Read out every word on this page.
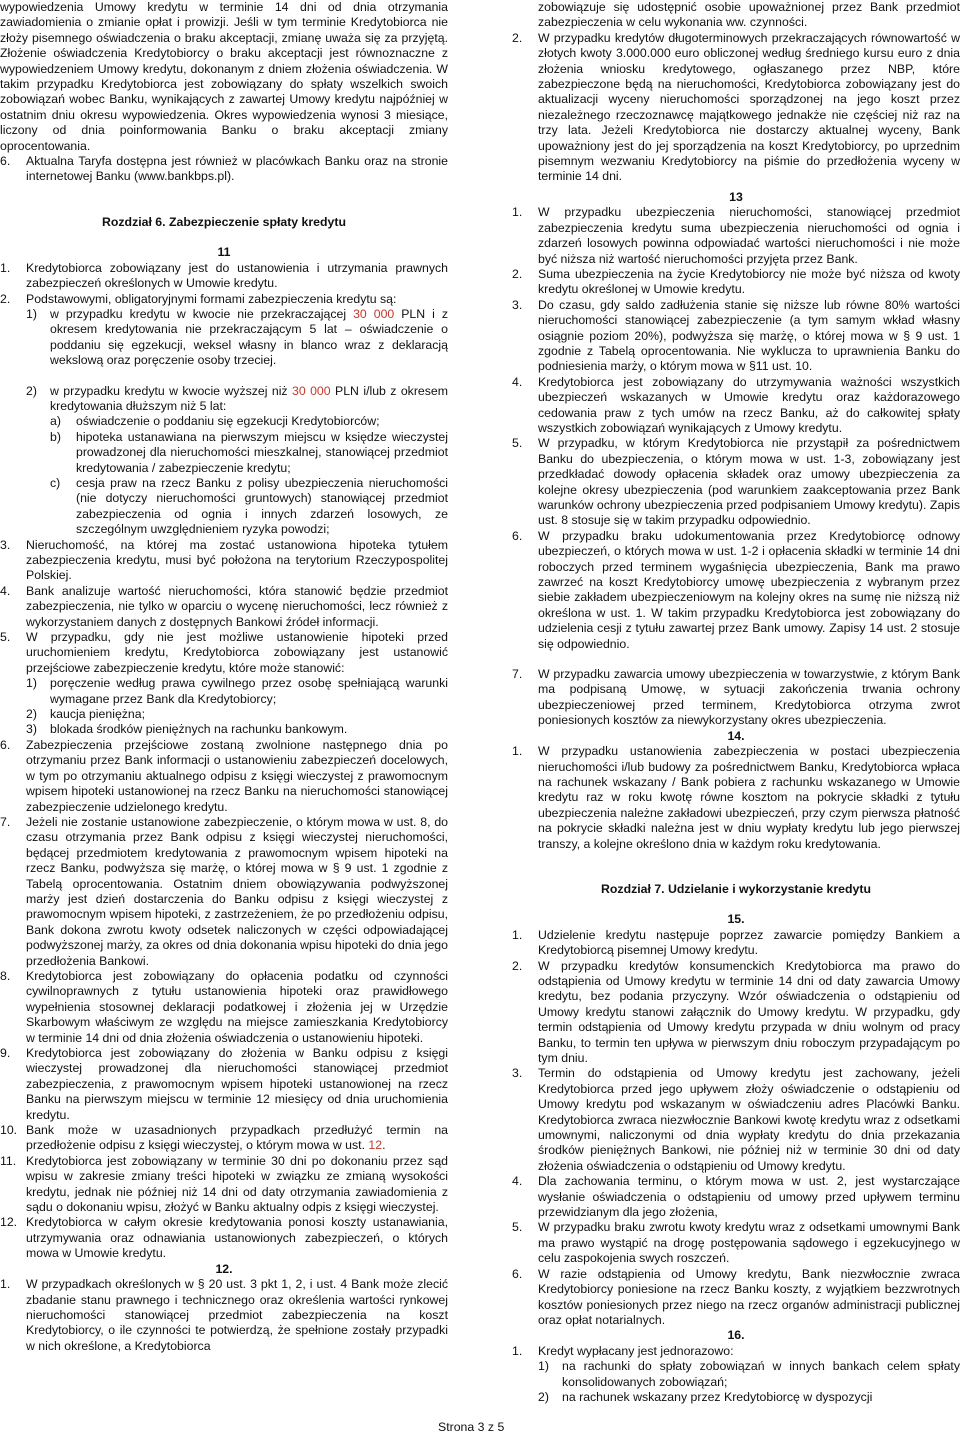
wypowiedzenia Umowy kredytu w terminie 14 dni od dnia otrzymania zawiadomienia o zmianie opłat i prowizji. Jeśli w tym terminie Kredytobiorca nie złoży pisemnego oświadczenia o braku akceptacji, zmianę uważa się za przyjętą. Złożenie oświadczenia Kredytobiorcy o braku akceptacji jest równoznaczne z wypowiedzeniem Umowy kredytu, dokonanym z dniem złożenia oświadczenia. W takim przypadku Kredytobiorca jest zobowiązany do spłaty wszelkich swoich zobowiązań wobec Banku, wynikających z zawartej Umowy kredytu najpóźniej w ostatnim dniu okresu wypowiedzenia. Okres wypowiedzenia wynosi 3 miesiące, liczony od dnia poinformowania Banku o braku akceptacji zmiany oprocentowania.

6.	Aktualna Taryfa dostępna jest również w placówkach Banku oraz na stronie internetowej Banku (www.bankbps.pl).

Rozdział 6. Zabezpieczenie spłaty kredytu

11

1.	Kredytobiorca zobowiązany jest do ustanowienia i utrzymania prawnych zabezpieczeń określonych w Umowie kredytu.
2.	Podstawowymi, obligatoryjnymi formami zabezpieczenia kredytu są:
1)	w przypadku kredytu w kwocie nie przekraczającej 30 000 PLN i z okresem kredytowania nie przekraczającym 5 lat – oświadczenie o poddaniu się egzekucji, weksel własny in blanco wraz z deklaracją wekslową oraz poręczenie osoby trzeciej.
2)	w przypadku kredytu w kwocie wyższej niż 30 000 PLN i/lub z okresem kredytowania dłuższym niż 5 lat:
a)	oświadczenie o poddaniu się egzekucji Kredytobiorców;
b)	hipoteka ustanawiana na pierwszym miejscu w księdze wieczystej prowadzonej dla nieruchomości mieszkalnej, stanowiącej przedmiot kredytowania / zabezpieczenie kredytu;
c)	cesja praw na rzecz Banku z polisy ubezpieczenia nieruchomości (nie dotyczy nieruchomości gruntowych) stanowiącej przedmiot zabezpieczenia od ognia i innych zdarzeń losowych, ze szczególnym uwzględnieniem ryzyka powodzi;
3.	Nieruchomość, na której ma zostać ustanowiona hipoteka tytułem zabezpieczenia kredytu, musi być położona na terytorium Rzeczypospolitej Polskiej.
4.	Bank analizuje wartość nieruchomości, która stanowić będzie przedmiot zabezpieczenia, nie tylko w oparciu o wycenę nieruchomości, lecz również z wykorzystaniem danych z dostępnych Bankowi źródeł informacji.
5.	W przypadku, gdy nie jest możliwe ustanowienie hipoteki przed uruchomieniem kredytu, Kredytobiorca zobowiązany jest ustanowić przejściowe zabezpieczenie kredytu, które może stanowić:
1)	poręczenie według prawa cywilnego przez osobę spełniającą warunki wymagane przez Bank dla Kredytobiorcy;
2)	kaucja pieniężna;
3)	blokada środków pieniężnych na rachunku bankowym.
6.	Zabezpieczenia przejściowe zostaną zwolnione następnego dnia po otrzymaniu przez Bank informacji o ustanowieniu zabezpieczeń docelowych, w tym po otrzymaniu aktualnego odpisu z księgi wieczystej z prawomocnym wpisem hipoteki ustanowionej na rzecz Banku na nieruchomości stanowiącej zabezpieczenie udzielonego kredytu.
7.	Jeżeli nie zostanie ustanowione zabezpieczenie, o którym mowa w ust. 8, do czasu otrzymania przez Bank odpisu z księgi wieczystej nieruchomości, będącej przedmiotem kredytowania z prawomocnym wpisem hipoteki na rzecz Banku, podwyższa się marżę, o której mowa w § 9 ust. 1 zgodnie z Tabelą oprocentowania. Ostatnim dniem obowiązywania podwyższonej marży jest dzień dostarczenia do Banku odpisu z księgi wieczystej z prawomocnym wpisem hipoteki, z zastrzeżeniem, że po przedłożeniu odpisu, Bank dokona zwrotu kwoty odsetek naliczonych w części odpowiadającej podwyższonej marży, za okres od dnia dokonania wpisu hipoteki do dnia jego przedłożenia Bankowi.
8.	Kredytobiorca jest zobowiązany do opłacenia podatku od czynności cywilnoprawnych z tytułu ustanowienia hipoteki oraz prawidłowego wypełnienia stosownej deklaracji podatkowej i złożenia jej w Urzędzie Skarbowym właściwym ze względu na miejsce zamieszkania Kredytobiorcy w terminie 14 dni od dnia złożenia oświadczenia o ustanowieniu hipoteki.
9.	Kredytobiorca jest zobowiązany do złożenia w Banku odpisu z księgi wieczystej prowadzonej dla nieruchomości stanowiącej przedmiot zabezpieczenia, z prawomocnym wpisem hipoteki ustanowionej na rzecz Banku na pierwszym miejscu w terminie 12 miesięcy od dnia uruchomienia kredytu.
10. Bank może w uzasadnionych przypadkach przedłużyć termin na przedłożenie odpisu z księgi wieczystej, o którym mowa w ust. 12.
11. Kredytobiorca jest zobowiązany w terminie 30 dni po dokonaniu przez sąd wpisu w zakresie zmiany treści hipoteki w związku ze zmianą wysokości kredytu, jednak nie później niż 14 dni od daty otrzymania zawiadomienia z sądu o dokonaniu wpisu, złożyć w Banku aktualny odpis z księgi wieczystej.
12. Kredytobiorca w całym okresie kredytowania ponosi koszty ustanawiania, utrzymywania oraz odnawiania ustanowionych zabezpieczeń, o których mowa w Umowie kredytu.

12.

1.	W przypadkach określonych w § 20 ust. 3 pkt 1, 2, i ust. 4 Bank może zlecić zbadanie stanu prawnego i technicznego oraz określenia wartości rynkowej nieruchomości stanowiącej przedmiot zabezpieczenia na koszt Kredytobiorcy, o ile czynności te potwierdzą, że spełnione zostały przypadki w nich określone, a Kredytobiorca

zobowiązuje się udostępnić osobie upoważnionej przez Bank przedmiot zabezpieczenia w celu wykonania ww. czynności.

2.	W przypadku kredytów długoterminowych przekraczających równowartość w złotych kwoty 3.000.000 euro obliczonej według średniego kursu euro z dnia złożenia wniosku kredytowego, ogłaszanego przez NBP, które zabezpieczone będą na nieruchomości, Kredytobiorca zobowiązany jest do aktualizacji wyceny nieruchomości sporządzonej na jego koszt przez niezależnego rzeczoznawcę majątkowego jednakże nie częściej niż raz na trzy lata. Jeżeli Kredytobiorca nie dostarczy aktualnej wyceny, Bank upoważniony jest do jej sporządzenia na koszt Kredytobiorcy, po uprzednim pisemnym wezwaniu Kredytobiorcy na piśmie do przedłożenia wyceny w terminie 14 dni.

13

1.	W przypadku ubezpieczenia nieruchomości, stanowiącej przedmiot zabezpieczenia kredytu suma ubezpieczenia nieruchomości od ognia i zdarzeń losowych powinna odpowiadać wartości nieruchomości i nie może być niższa niż wartość nieruchomości przyjęta przez Bank.
2.	Suma ubezpieczenia na życie Kredytobiorcy nie może być niższa od kwoty kredytu określonej w Umowie kredytu.
3.	Do czasu, gdy saldo zadłużenia stanie się niższe lub równe 80% wartości nieruchomości stanowiącej zabezpieczenie (a tym samym wkład własny osiągnie poziom 20%), podwyższa się marżę, o której mowa w § 9 ust. 1 zgodnie z Tabelą oprocentowania. Nie wyklucza to uprawnienia Banku do podniesienia marży, o którym mowa w §11 ust. 10.
4.	Kredytobiorca jest zobowiązany do utrzymywania ważności wszystkich ubezpieczeń wskazanych w Umowie kredytu oraz każdorazowego cedowania praw z tych umów na rzecz Banku, aż do całkowitej spłaty wszystkich zobowiązań wynikających z Umowy kredytu.
5.	W przypadku, w którym Kredytobiorca nie przystąpił za pośrednictwem Banku do ubezpieczenia, o którym mowa w ust. 1-3, zobowiązany jest przedkładać dowody opłacenia składek oraz umowy ubezpieczenia za kolejne okresy ubezpieczenia (pod warunkiem zaakceptowania przez Bank warunków ochrony ubezpieczenia przed podpisaniem Umowy kredytu). Zapis ust. 8 stosuje się w takim przypadku odpowiednio.
6.	W przypadku braku udokumentowania przez Kredytobiorcę odnowy ubezpieczeń, o których mowa w ust. 1-2 i opłacenia składki w terminie 14 dni roboczych przed terminem wygaśnięcia ubezpieczenia, Bank ma prawo zawrzeć na koszt Kredytobiorcy umowę ubezpieczenia z wybranym przez siebie zakładem ubezpieczeniowym na kolejny okres na sumę nie niższą niż określona w ust. 1. W takim przypadku Kredytobiorca jest zobowiązany do udzielenia cesji z tytułu zawartej przez Bank umowy. Zapisy 14 ust. 2 stosuje się odpowiednio.
7.	W przypadku zawarcia umowy ubezpieczenia w towarzystwie, z którym Bank ma podpisaną Umowę, w sytuacji zakończenia trwania ochrony ubezpieczeniowej przed terminem, Kredytobiorca otrzyma zwrot poniesionych kosztów za niewykorzystany okres ubezpieczenia.

14.

1.	W przypadku ustanowienia zabezpieczenia w postaci ubezpieczenia nieruchomości i/lub budowy za pośrednictwem Banku, Kredytobiorca wpłaca na rachunek wskazany / Bank pobiera z rachunku wskazanego w Umowie kredytu raz w roku kwotę równe kosztom na pokrycie składki z tytułu ubezpieczenia należne zakładowi ubezpieczeń, przy czym pierwsza płatność na pokrycie składki należna jest w dniu wypłaty kredytu lub jego pierwszej transzy, a kolejne określono dnia w każdym roku kredytowania.

Rozdział 7. Udzielanie i wykorzystanie kredytu

15.

1.	Udzielenie kredytu następuje poprzez zawarcie pomiędzy Bankiem a Kredytobiorcą pisemnej Umowy kredytu.
2.	W przypadku kredytów konsumenckich Kredytobiorca ma prawo do odstąpienia od Umowy kredytu w terminie 14 dni od daty zawarcia Umowy kredytu, bez podania przyczyny. Wzór oświadczenia o odstąpieniu od Umowy kredytu stanowi załącznik do Umowy kredytu. W przypadku, gdy termin odstąpienia od Umowy kredytu przypada w dniu wolnym od pracy Banku, to termin ten upływa w pierwszym dniu roboczym przypadającym po tym dniu.
3.	Termin do odstąpienia od Umowy kredytu jest zachowany, jeżeli Kredytobiorca przed jego upływem złoży oświadczenie o odstąpieniu od Umowy kredytu pod wskazanym w oświadczeniu adres Placówki Banku. Kredytobiorca zwraca niezwłocznie Bankowi kwotę kredytu wraz z odsetkami umownymi, naliczonymi od dnia wypłaty kredytu do dnia przekazania środków pieniężnych Bankowi, nie później niż w terminie 30 dni od daty złożenia oświadczenia o odstąpieniu od Umowy kredytu.
4.	Dla zachowania terminu, o którym mowa w ust. 2, jest wystarczające wysłanie oświadczenia o odstąpieniu od umowy przed upływem terminu przewidzianym dla jego złożenia,
5.	W przypadku braku zwrotu kwoty kredytu wraz z odsetkami umownymi Bank ma prawo wystąpić na drogę postępowania sądowego i egzekucyjnego w celu zaspokojenia swych roszczeń.
6.	W razie odstąpienia od Umowy kredytu, Bank niezwłocznie zwraca Kredytobiorcy poniesione na rzecz Banku koszty, z wyjątkiem bezzwrotnych kosztów poniesionych przez niego na rzecz organów administracji publicznej oraz opłat notarialnych.

16.

1.	Kredyt wypłacany jest jednorazowo:
1)	na rachunki do spłaty zobowiązań w innych bankach celem spłaty konsolidowanych zobowiązań;
2)	na rachunek wskazany przez Kredytobiorcę w dyspozycji
Strona 3 z 5
